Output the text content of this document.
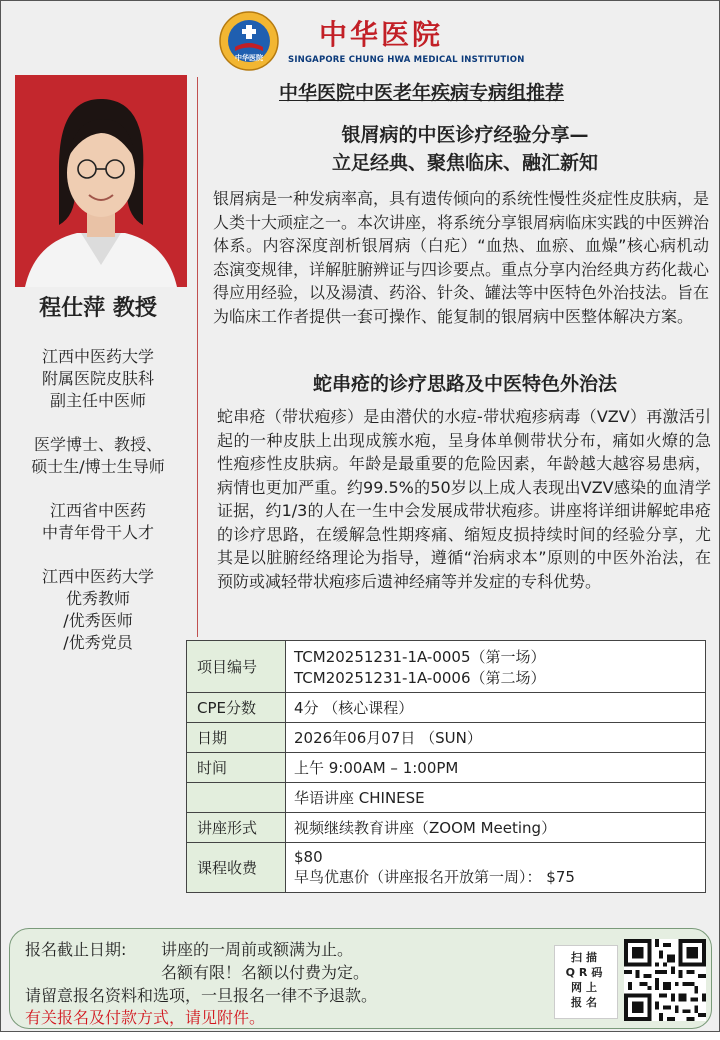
中华医院
中华医院
SINGAPORE CHUNG HWA MEDICAL INSTITUTION
中华医院中医老年疾病专病组推荐
程仕萍 教授
江西中医药大学
附属医院皮肤科
副主任中医师
医学博士、教授、
硕士生/博士生导师
江西省中医药
中青年骨干人才
江西中医药大学
优秀教师
/优秀医师
/优秀党员
银屑病的中医诊疗经验分享—
立足经典、聚焦临床、融汇新知
银屑病是一种发病率高，具有遗传倾向的系统性慢性炎症性皮肤病，是人类十大顽症之一。本次讲座，将系统分享银屑病临床实践的中医辨治体系。内容深度剖析银屑病（白疕）“血热、血瘀、血燥”核心病机动态演变规律，详解脏腑辨证与四诊要点。重点分享内治经典方药化裁心得应用经验，以及湯漬、药浴、针灸、罐法等中医特色外治技法。旨在为临床工作者提供一套可操作、能复制的银屑病中医整体解决方案。
蛇串疮的诊疗思路及中医特色外治法
蛇串疮（带状疱疹）是由潜伏的水痘-带状疱疹病毒（VZV）再激活引起的一种皮肤上出现成簇水疱，呈身体单侧带状分布，痛如火燎的急性疱疹性皮肤病。年龄是最重要的危险因素，年龄越大越容易患病，病情也更加严重。约99.5%的50岁以上成人表现出VZV感染的血清学证据，约1/3的人在一生中会发展成带状疱疹。讲座将详细讲解蛇串疮的诊疗思路，在缓解急性期疼痛、缩短皮损持续时间的经验分享，尤其是以脏腑经络理论为指导，遵循“治病求本”原则的中医外治法，在预防或减轻带状疱疹后遗神经痛等并发症的专科优势。
项目编号	TCM20251231-1A-0005（第一场）
TCM20251231-1A-0006（第二场）

CPE分数	4分 （核心课程）
日期	2026年06月07日 （SUN）
时间	上午 9:00AM – 1:00PM
	华语讲座 CHINESE
讲座形式	视频继续教育讲座（ZOOM Meeting）
课程收费	$80
早鸟优惠价（讲座报名开放第一周）： $75
报名截止日期: 讲座的一周前或额满为止。
名额有限！名额以付费为定。
请留意报名资料和选项，一旦报名一律不予退款。
有关报名及付款方式，请见附件。
扫描
QR码
网上
报名
